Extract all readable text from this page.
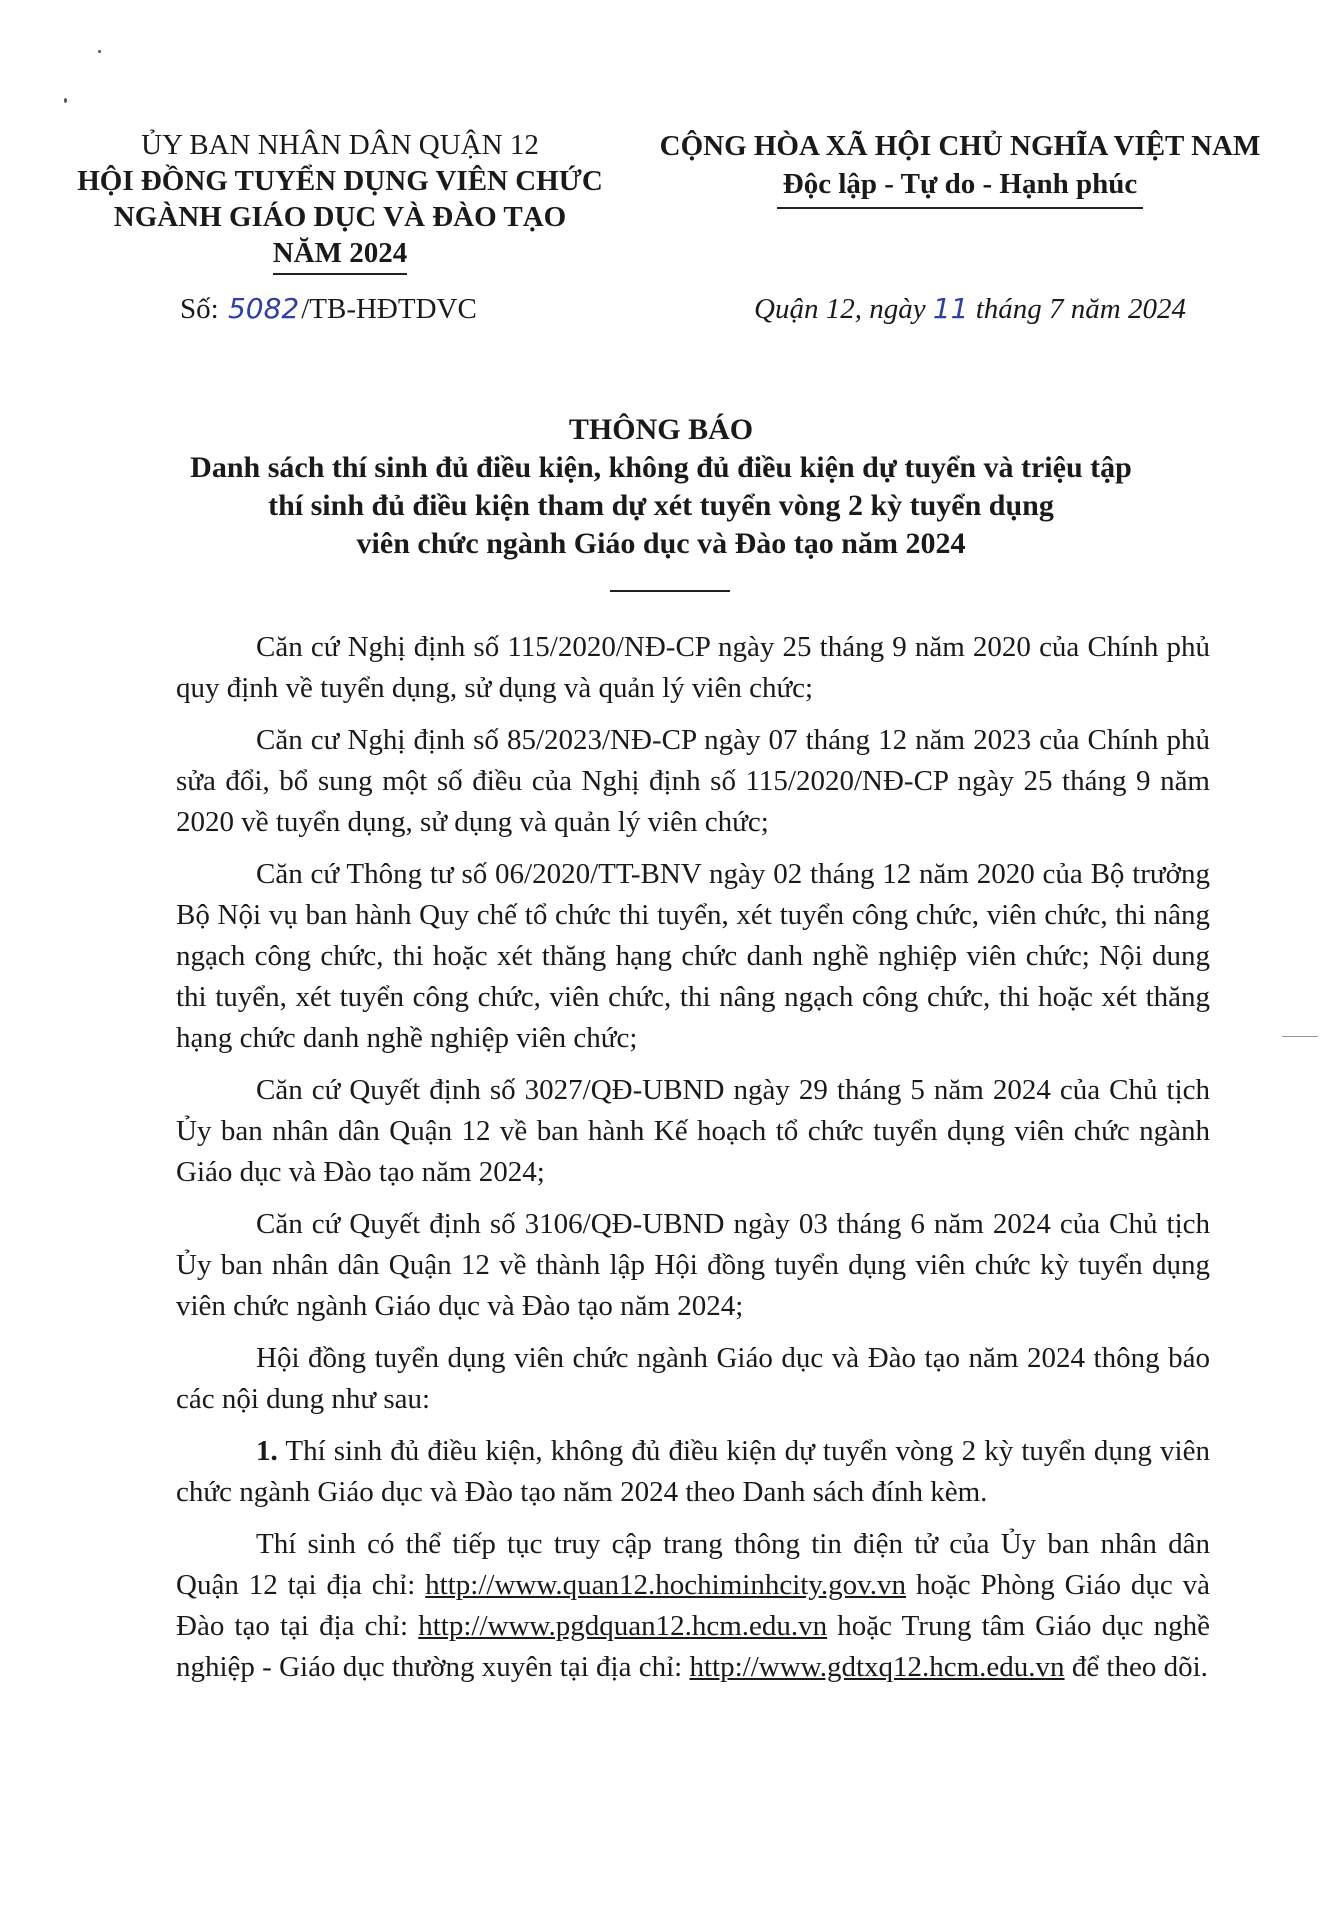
ỦY BAN NHÂN DÂN QUẬN 12
HỘI ĐỒNG TUYỂN DỤNG VIÊN CHỨC
NGÀNH GIÁO DỤC VÀ ĐÀO TẠO
NĂM 2024
CỘNG HÒA XÃ HỘI CHỦ NGHĨA VIỆT NAM
Độc lập - Tự do - Hạnh phúc
Số: 5082/TB-HĐTDVC	Quận 12, ngày 11 tháng 7 năm 2024
THÔNG BÁO
Danh sách thí sinh đủ điều kiện, không đủ điều kiện dự tuyển và triệu tập
thí sinh đủ điều kiện tham dự xét tuyển vòng 2 kỳ tuyển dụng
viên chức ngành Giáo dục và Đào tạo năm 2024

Căn cứ Nghị định số 115/2020/NĐ-CP ngày 25 tháng 9 năm 2020 của Chính phủ quy định về tuyển dụng, sử dụng và quản lý viên chức;

Căn cư Nghị định số 85/2023/NĐ-CP ngày 07 tháng 12 năm 2023 của Chính phủ sửa đổi, bổ sung một số điều của Nghị định số 115/2020/NĐ-CP ngày 25 tháng 9 năm 2020 về tuyển dụng, sử dụng và quản lý viên chức;

Căn cứ Thông tư số 06/2020/TT-BNV ngày 02 tháng 12 năm 2020 của Bộ trưởng Bộ Nội vụ ban hành Quy chế tổ chức thi tuyển, xét tuyển công chức, viên chức, thi nâng ngạch công chức, thi hoặc xét thăng hạng chức danh nghề nghiệp viên chức; Nội dung thi tuyển, xét tuyển công chức, viên chức, thi nâng ngạch công chức, thi hoặc xét thăng hạng chức danh nghề nghiệp viên chức;

Căn cứ Quyết định số 3027/QĐ-UBND ngày 29 tháng 5 năm 2024 của Chủ tịch Ủy ban nhân dân Quận 12 về ban hành Kế hoạch tổ chức tuyển dụng viên chức ngành Giáo dục và Đào tạo năm 2024;

Căn cứ Quyết định số 3106/QĐ-UBND ngày 03 tháng 6 năm 2024 của Chủ tịch Ủy ban nhân dân Quận 12 về thành lập Hội đồng tuyển dụng viên chức kỳ tuyển dụng viên chức ngành Giáo dục và Đào tạo năm 2024;

Hội đồng tuyển dụng viên chức ngành Giáo dục và Đào tạo năm 2024 thông báo các nội dung như sau:

1. Thí sinh đủ điều kiện, không đủ điều kiện dự tuyển vòng 2 kỳ tuyển dụng viên chức ngành Giáo dục và Đào tạo năm 2024 theo Danh sách đính kèm.

Thí sinh có thể tiếp tục truy cập trang thông tin điện tử của Ủy ban nhân dân Quận 12 tại địa chỉ: http://www.quan12.hochiminhcity.gov.vn hoặc Phòng Giáo dục và Đào tạo tại địa chỉ: http://www.pgdquan12.hcm.edu.vn hoặc Trung tâm Giáo dục nghề nghiệp - Giáo dục thường xuyên tại địa chỉ: http://www.gdtxq12.hcm.edu.vn để theo dõi.
